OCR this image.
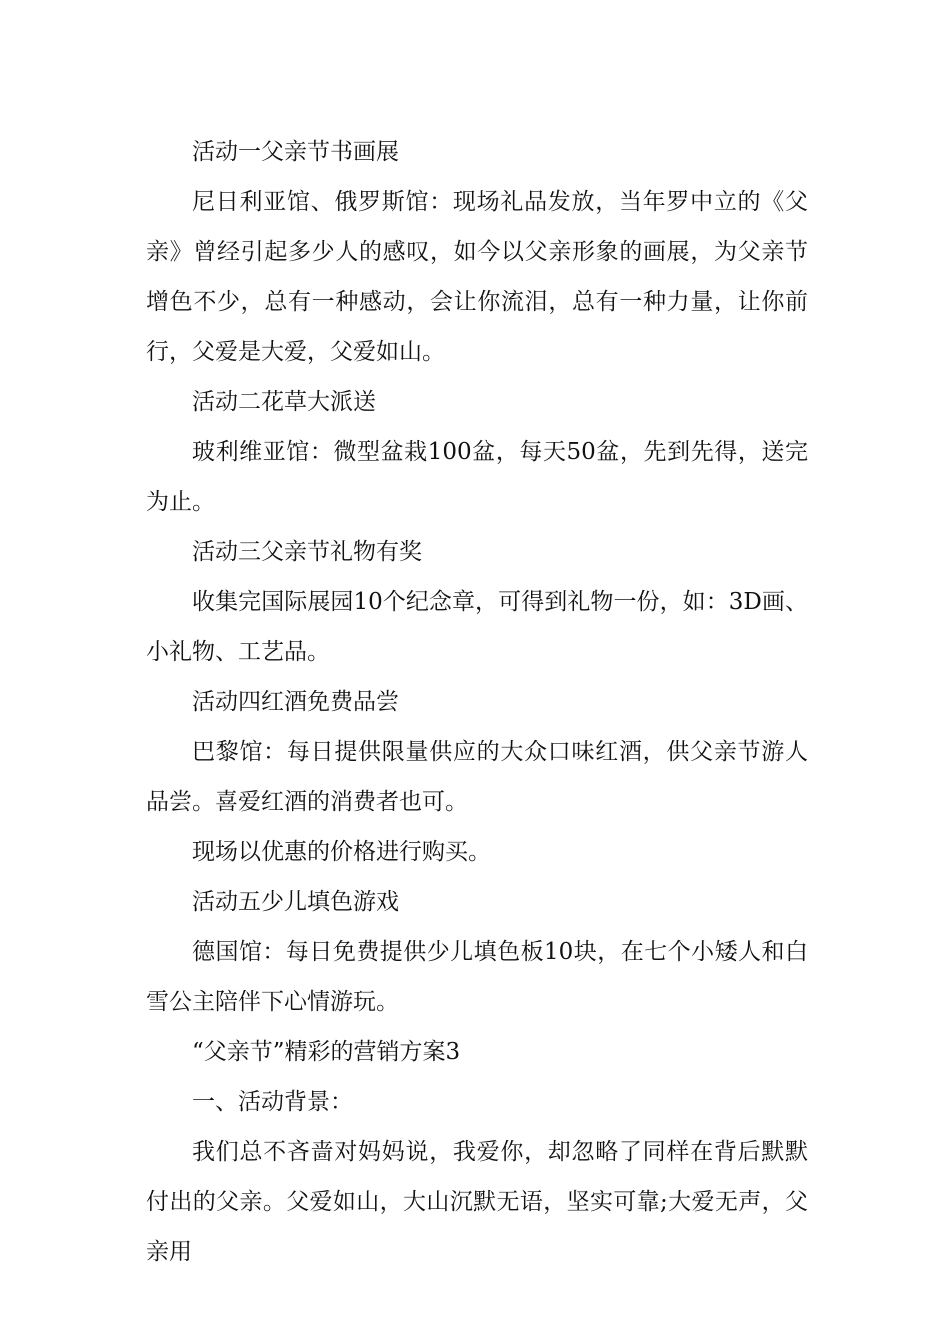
活动一父亲节书画展

尼日利亚馆、俄罗斯馆：现场礼品发放，当年罗中立的《父亲》曾经引起多少人的感叹，如今以父亲形象的画展，为父亲节增色不少，总有一种感动，会让你流泪，总有一种力量，让你前行，父爱是大爱，父爱如山。

活动二花草大派送

玻利维亚馆：微型盆栽100盆，每天50盆，先到先得，送完为止。

活动三父亲节礼物有奖

收集完国际展园10个纪念章，可得到礼物一份，如：3D画、小礼物、工艺品。

活动四红酒免费品尝

巴黎馆：每日提供限量供应的大众口味红酒，供父亲节游人品尝。喜爱红酒的消费者也可。

现场以优惠的价格进行购买。

活动五少儿填色游戏

德国馆：每日免费提供少儿填色板10块，在七个小矮人和白雪公主陪伴下心情游玩。

“父亲节”精彩的营销方案3

一、活动背景：

我们总不吝啬对妈妈说，我爱你，却忽略了同样在背后默默付出的父亲。父爱如山，大山沉默无语，坚实可靠;大爱无声，父亲用
